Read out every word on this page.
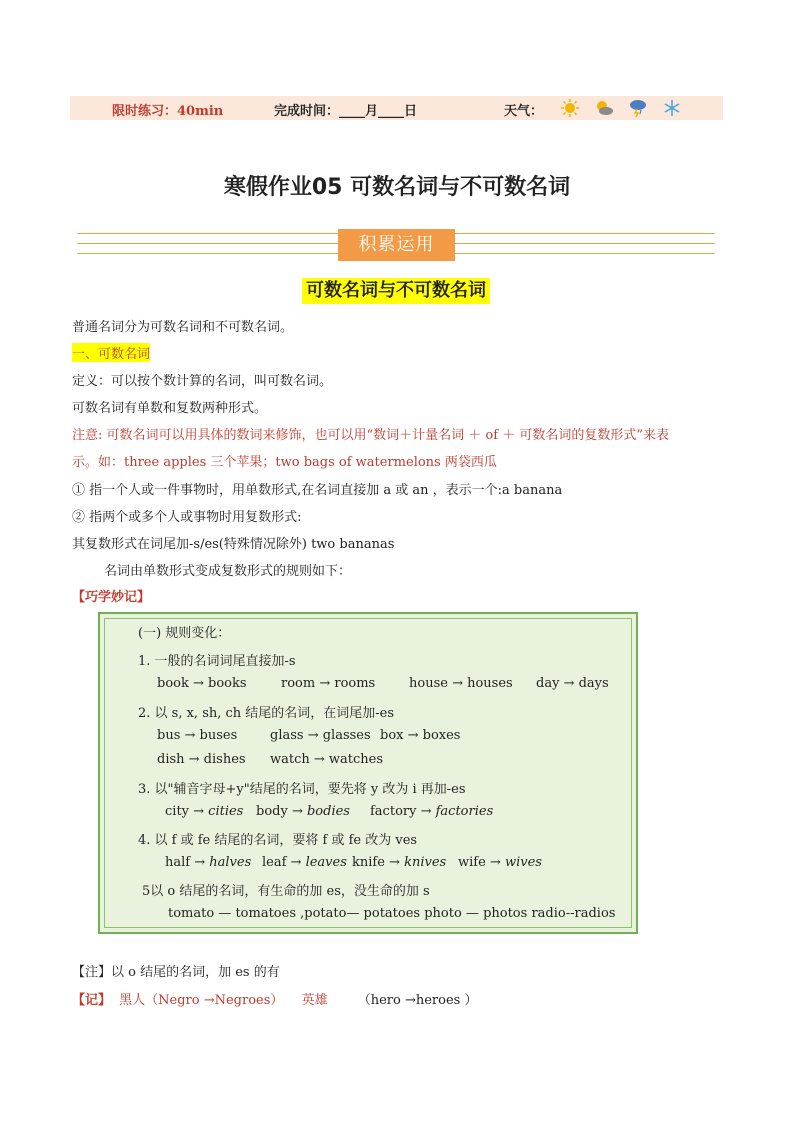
限时练习：40min	完成时间：____月____日	天气：
寒假作业05 可数名词与不可数名词
积累运用
可数名词与不可数名词
普通名词分为可数名词和不可数名词。
一、可数名词
定义：可以按个数计算的名词，叫可数名词。
可数名词有单数和复数两种形式。
注意: 可数名词可以用具体的数词来修饰，也可以用“数词＋计量名词 ＋ of ＋ 可数名词的复数形式”来表
示。如：three apples 三个苹果；two bags of watermelons 两袋西瓜
① 指一个人或一件事物时，用单数形式,在名词直接加 a 或 an ，表示一个:a banana
② 指两个或多个人或事物时用复数形式:
其复数形式在词尾加-s/es(特殊情况除外) two bananas
名词由单数形式变成复数形式的规则如下：
【巧学妙记】
(一) 规则变化：
1. 一般的名词词尾直接加-s
book → books	room → rooms	house → houses day → days
2. 以 s, x, sh, ch 结尾的名词，在词尾加-es
bus → buses	glass → glasses box → boxes
dish → dishes watch → watches
3. 以"辅音字母+y"结尾的名词，要先将 y 改为 i 再加-es
city → cities body → bodies factory → factories
4. 以 f 或 fe 结尾的名词，要将 f 或 fe 改为 ves
half → halves leaf → leaves knife → knives wife → wives
5以 o 结尾的名词，有生命的加 es，没生命的加 s
tomato — tomatoes ,potato— potatoes photo — photos radio--radios
【注】以 o 结尾的名词，加 es 的有
【记】 黑人（Negro →Negroes） 英雄 （hero →heroes ）
